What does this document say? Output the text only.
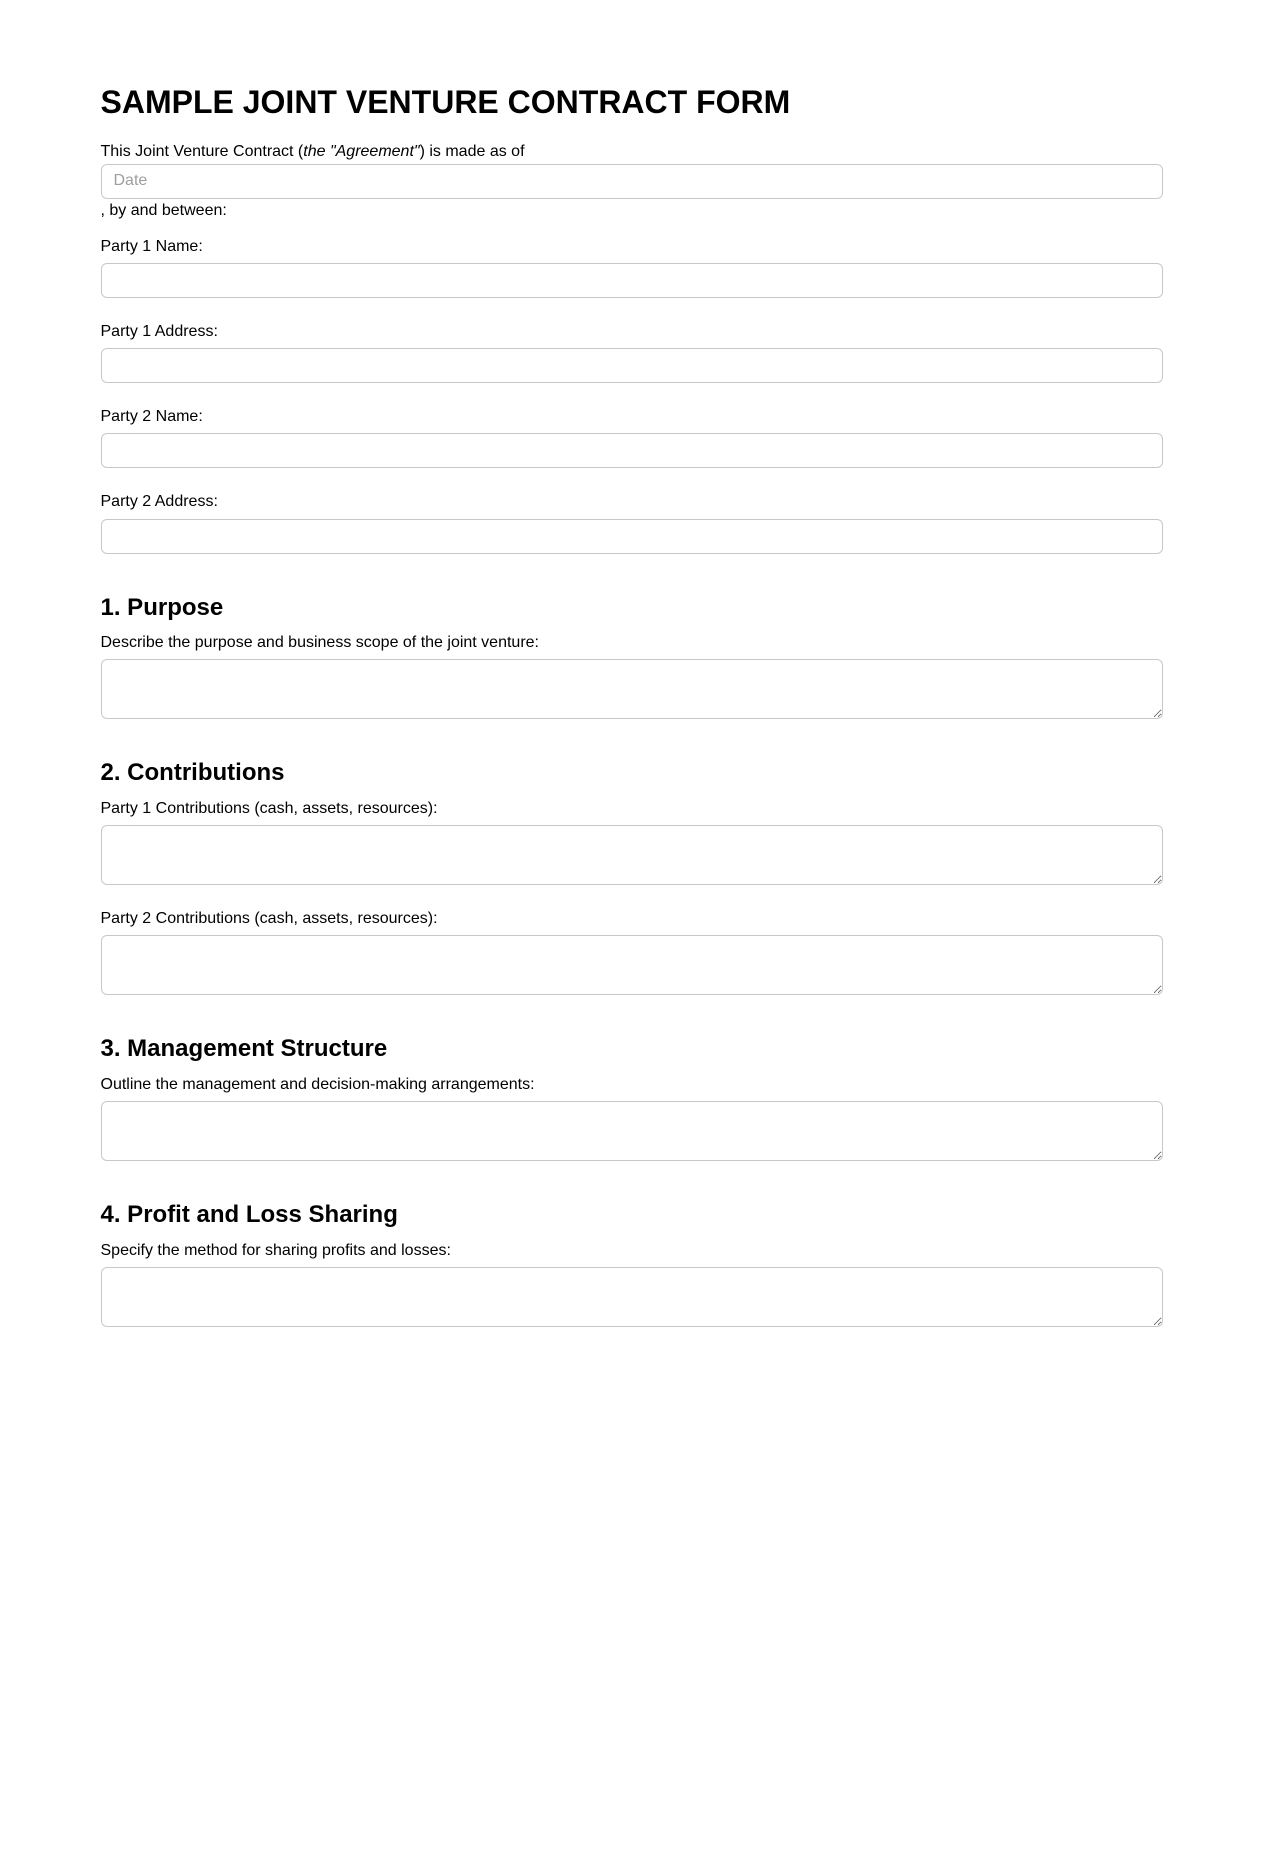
SAMPLE JOINT VENTURE CONTRACT FORM

This Joint Venture Contract (the "Agreement") is made as of Date, by and between:

Party 1 Name:
Party 1 Address:
Party 2 Name:
Party 2 Address:
1. Purpose
Describe the purpose and business scope of the joint venture:
2. Contributions
Party 1 Contributions (cash, assets, resources):
Party 2 Contributions (cash, assets, resources):
3. Management Structure
Outline the management and decision-making arrangements:
4. Profit and Loss Sharing
Specify the method for sharing profits and losses:
